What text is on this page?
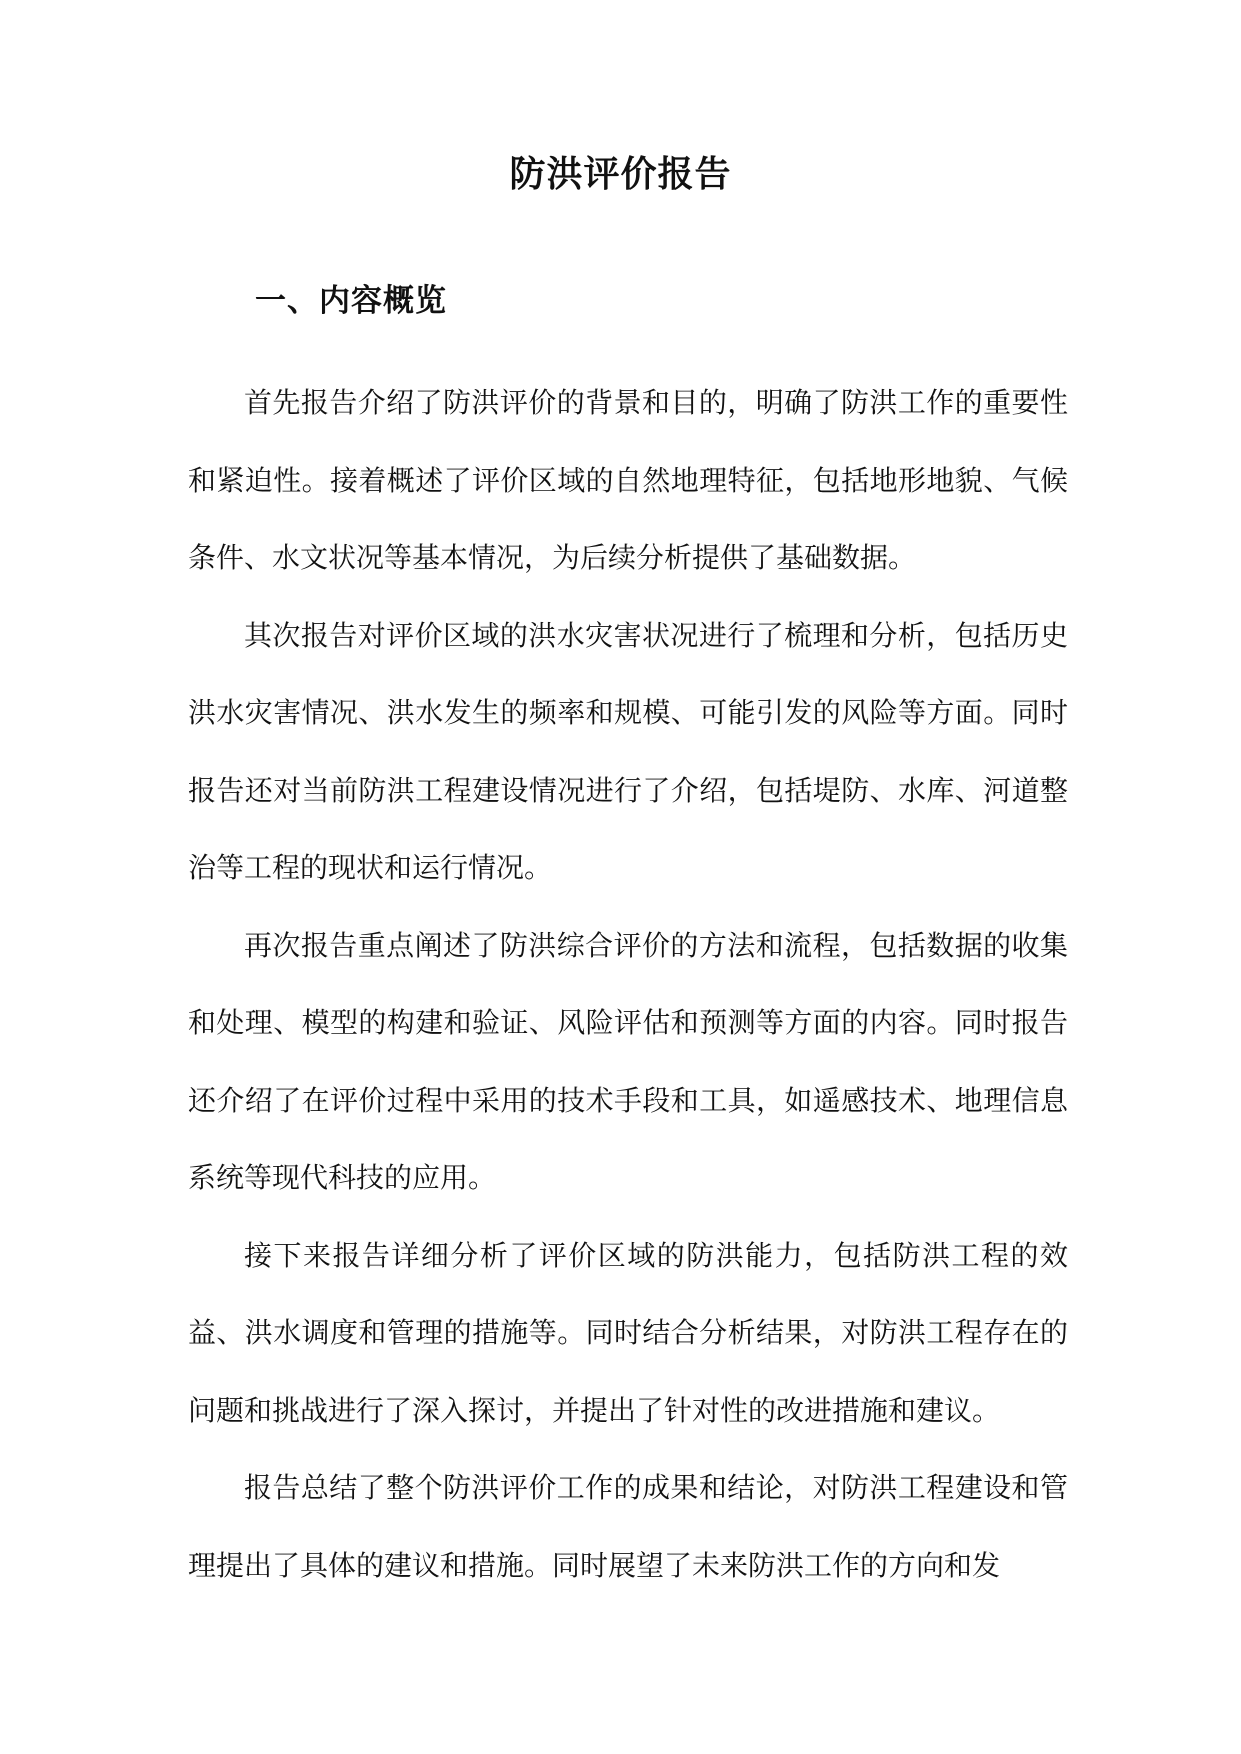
防洪评价报告
一、内容概览

首先报告介绍了防洪评价的背景和目的，明确了防洪工作的重要性和紧迫性。接着概述了评价区域的自然地理特征，包括地形地貌、气候条件、水文状况等基本情况，为后续分析提供了基础数据。

其次报告对评价区域的洪水灾害状况进行了梳理和分析，包括历史洪水灾害情况、洪水发生的频率和规模、可能引发的风险等方面。同时报告还对当前防洪工程建设情况进行了介绍，包括堤防、水库、河道整治等工程的现状和运行情况。

再次报告重点阐述了防洪综合评价的方法和流程，包括数据的收集和处理、模型的构建和验证、风险评估和预测等方面的内容。同时报告还介绍了在评价过程中采用的技术手段和工具，如遥感技术、地理信息系统等现代科技的应用。

接下来报告详细分析了评价区域的防洪能力，包括防洪工程的效益、洪水调度和管理的措施等。同时结合分析结果，对防洪工程存在的问题和挑战进行了深入探讨，并提出了针对性的改进措施和建议。

报告总结了整个防洪评价工作的成果和结论，对防洪工程建设和管理提出了具体的建议和措施。同时展望了未来防洪工作的方向和发
